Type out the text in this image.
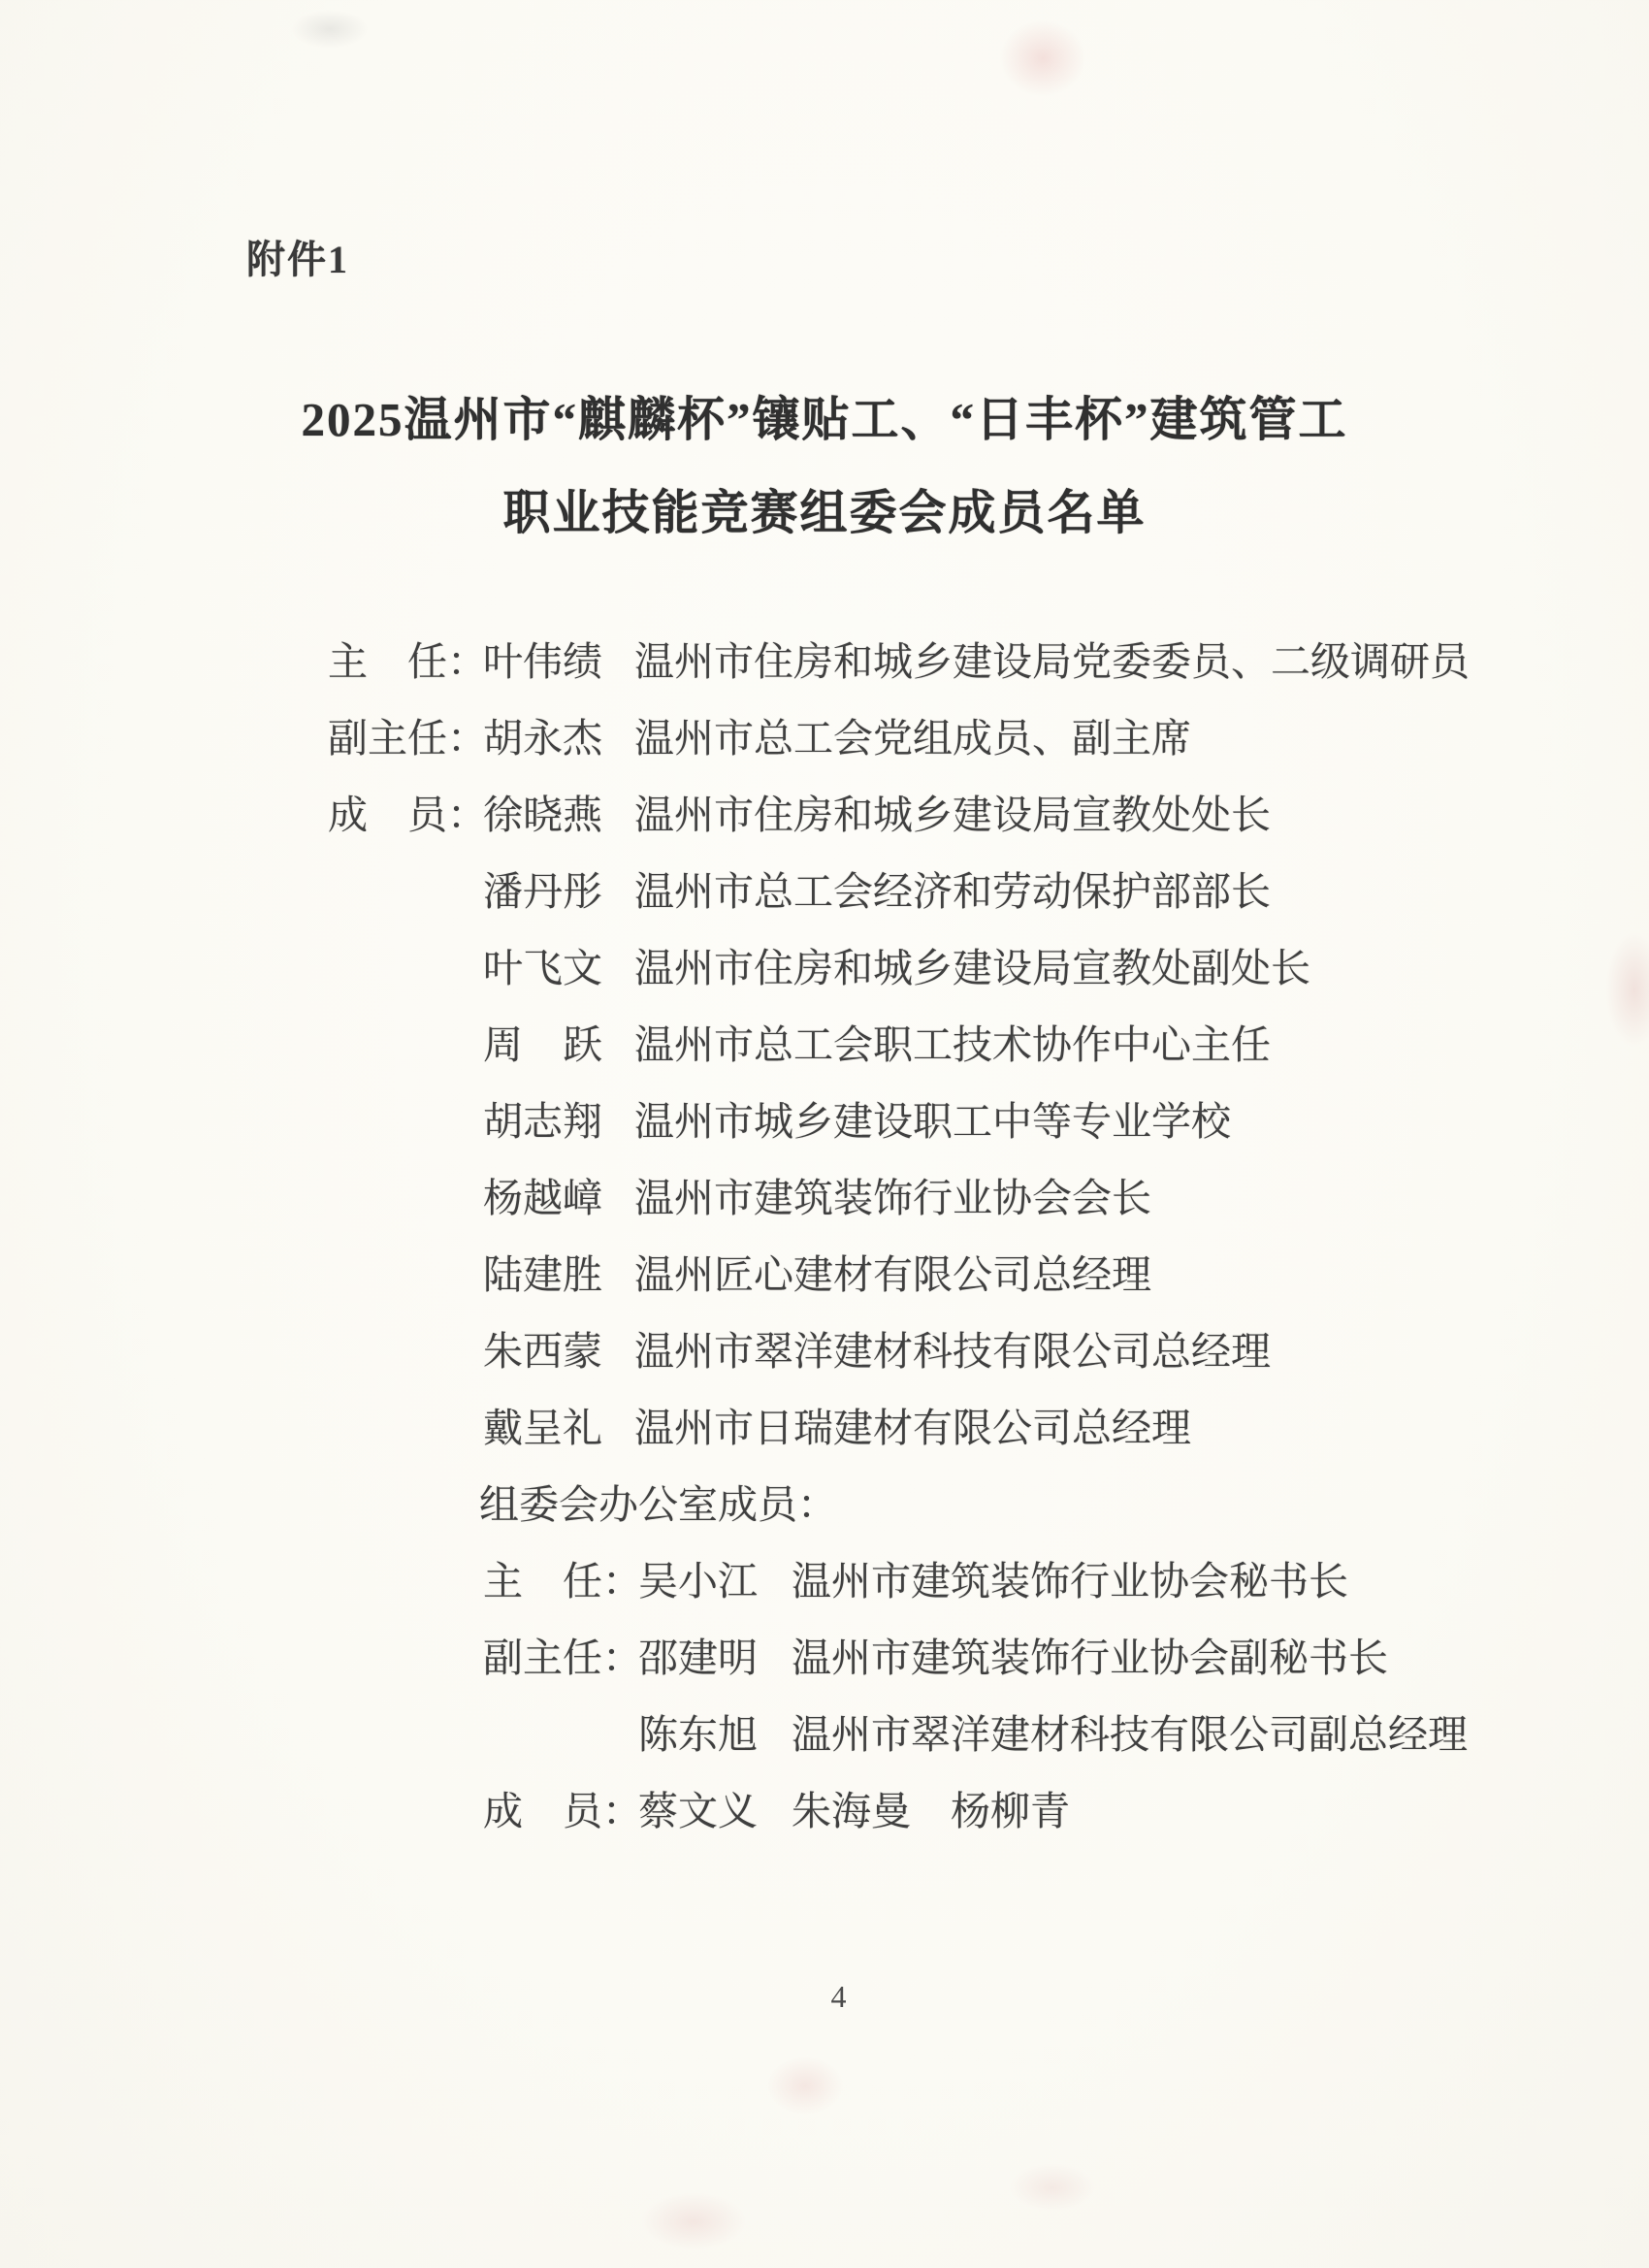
附件1
2025温州市“麒麟杯”镶贴工、“日丰杯”建筑管工
职业技能竞赛组委会成员名单
主　任：
叶伟绩 温州市住房和城乡建设局党委委员、二级调研员
副主任：
胡永杰 温州市总工会党组成员、副主席
成　员：
徐晓燕 温州市住房和城乡建设局宣教处处长
潘丹彤 温州市总工会经济和劳动保护部部长
叶飞文 温州市住房和城乡建设局宣教处副处长
周　跃 温州市总工会职工技术协作中心主任
胡志翔 温州市城乡建设职工中等专业学校
杨越嶂 温州市建筑装饰行业协会会长
陆建胜 温州匠心建材有限公司总经理
朱西蒙 温州市翠洋建材科技有限公司总经理
戴呈礼 温州市日瑞建材有限公司总经理
组委会办公室成员：
主　任：
吴小江 温州市建筑装饰行业协会秘书长
副主任：
邵建明 温州市建筑装饰行业协会副秘书长
陈东旭 温州市翠洋建材科技有限公司副总经理
成　员：
蔡文义 朱海曼　杨柳青
4
